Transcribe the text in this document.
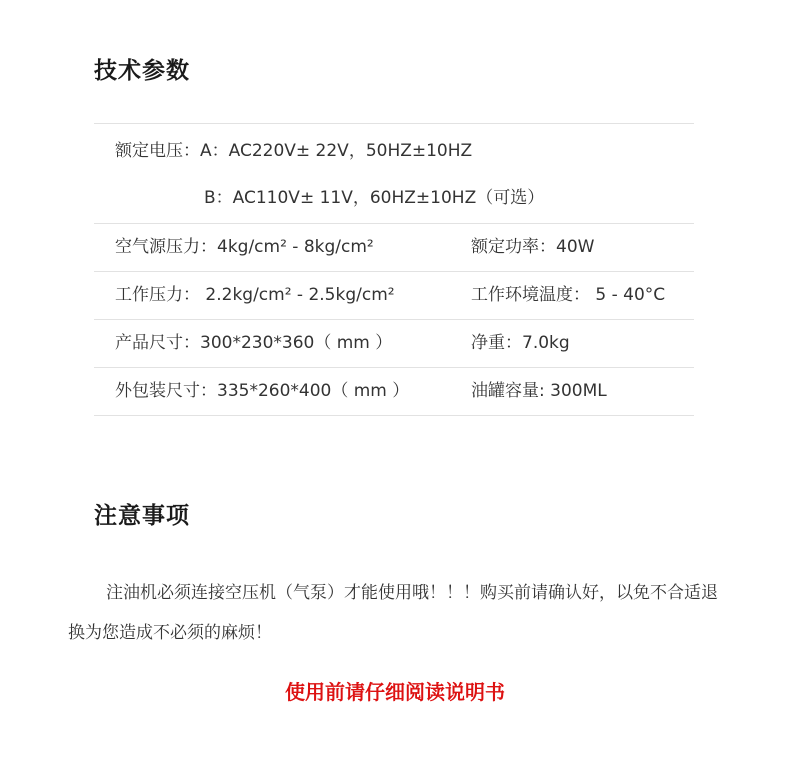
技术参数
额定电压：A：AC220V± 22V，50HZ±10HZ
B：AC110V± 11V，60HZ±10HZ（可选）
空气源压力：4kg/cm² - 8kg/cm²	额定功率：40W
工作压力： 2.2kg/cm² - 2.5kg/cm²	工作环境温度： 5 - 40°C
产品尺寸：300*230*360（ mm ）	净重：7.0kg
外包装尺寸：335*260*400（ mm ）	油罐容量: 300ML
注意事项

注油机必须连接空压机（气泵）才能使用哦！！！购买前请确认好，以免不合适退换为您造成不必须的麻烦！

使用前请仔细阅读说明书
